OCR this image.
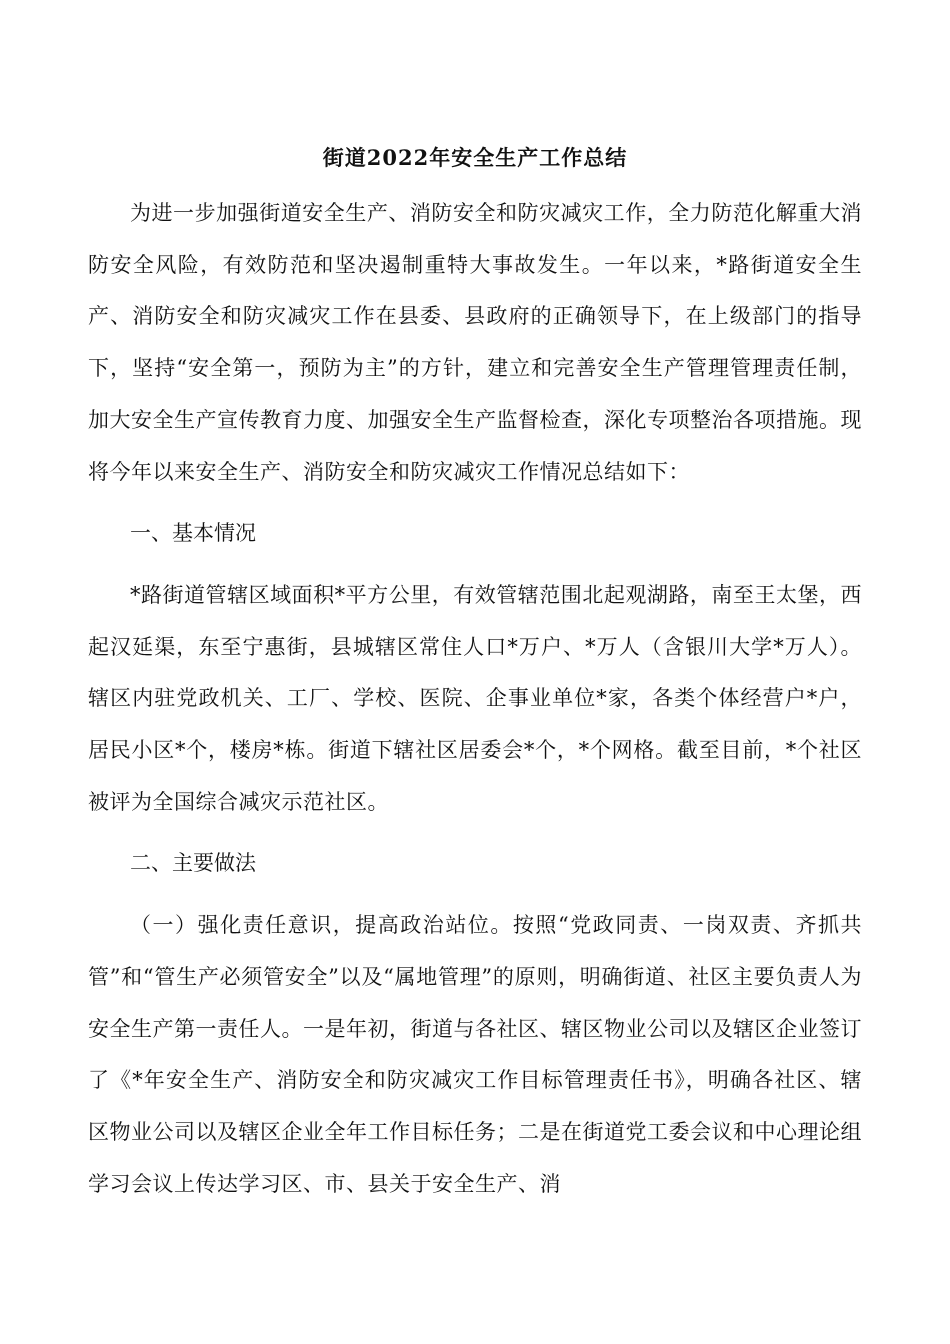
街道2022年安全生产工作总结

为进一步加强街道安全生产、消防安全和防灾减灾工作，全力防范化解重大消防安全风险，有效防范和坚决遏制重特大事故发生。一年以来，*路街道安全生产、消防安全和防灾减灾工作在县委、县政府的正确领导下，在上级部门的指导下，坚持“安全第一，预防为主”的方针，建立和完善安全生产管理管理责任制，加大安全生产宣传教育力度、加强安全生产监督检查，深化专项整治各项措施。现将今年以来安全生产、消防安全和防灾减灾工作情况总结如下：

一、基本情况

*路街道管辖区域面积*平方公里，有效管辖范围北起观湖路，南至王太堡，西起汉延渠，东至宁惠街，县城辖区常住人口*万户、*万人（含银川大学*万人）。辖区内驻党政机关、工厂、学校、医院、企事业单位*家，各类个体经营户*户，居民小区*个，楼房*栋。街道下辖社区居委会*个，*个网格。截至目前，*个社区被评为全国综合减灾示范社区。

二、主要做法

（一）强化责任意识，提高政治站位。按照“党政同责、一岗双责、齐抓共管”和“管生产必须管安全”以及“属地管理”的原则，明确街道、社区主要负责人为安全生产第一责任人。一是年初，街道与各社区、辖区物业公司以及辖区企业签订了《*年安全生产、消防安全和防灾减灾工作目标管理责任书》，明确各社区、辖区物业公司以及辖区企业全年工作目标任务；二是在街道党工委会议和中心理论组学习会议上传达学习区、市、县关于安全生产、消
